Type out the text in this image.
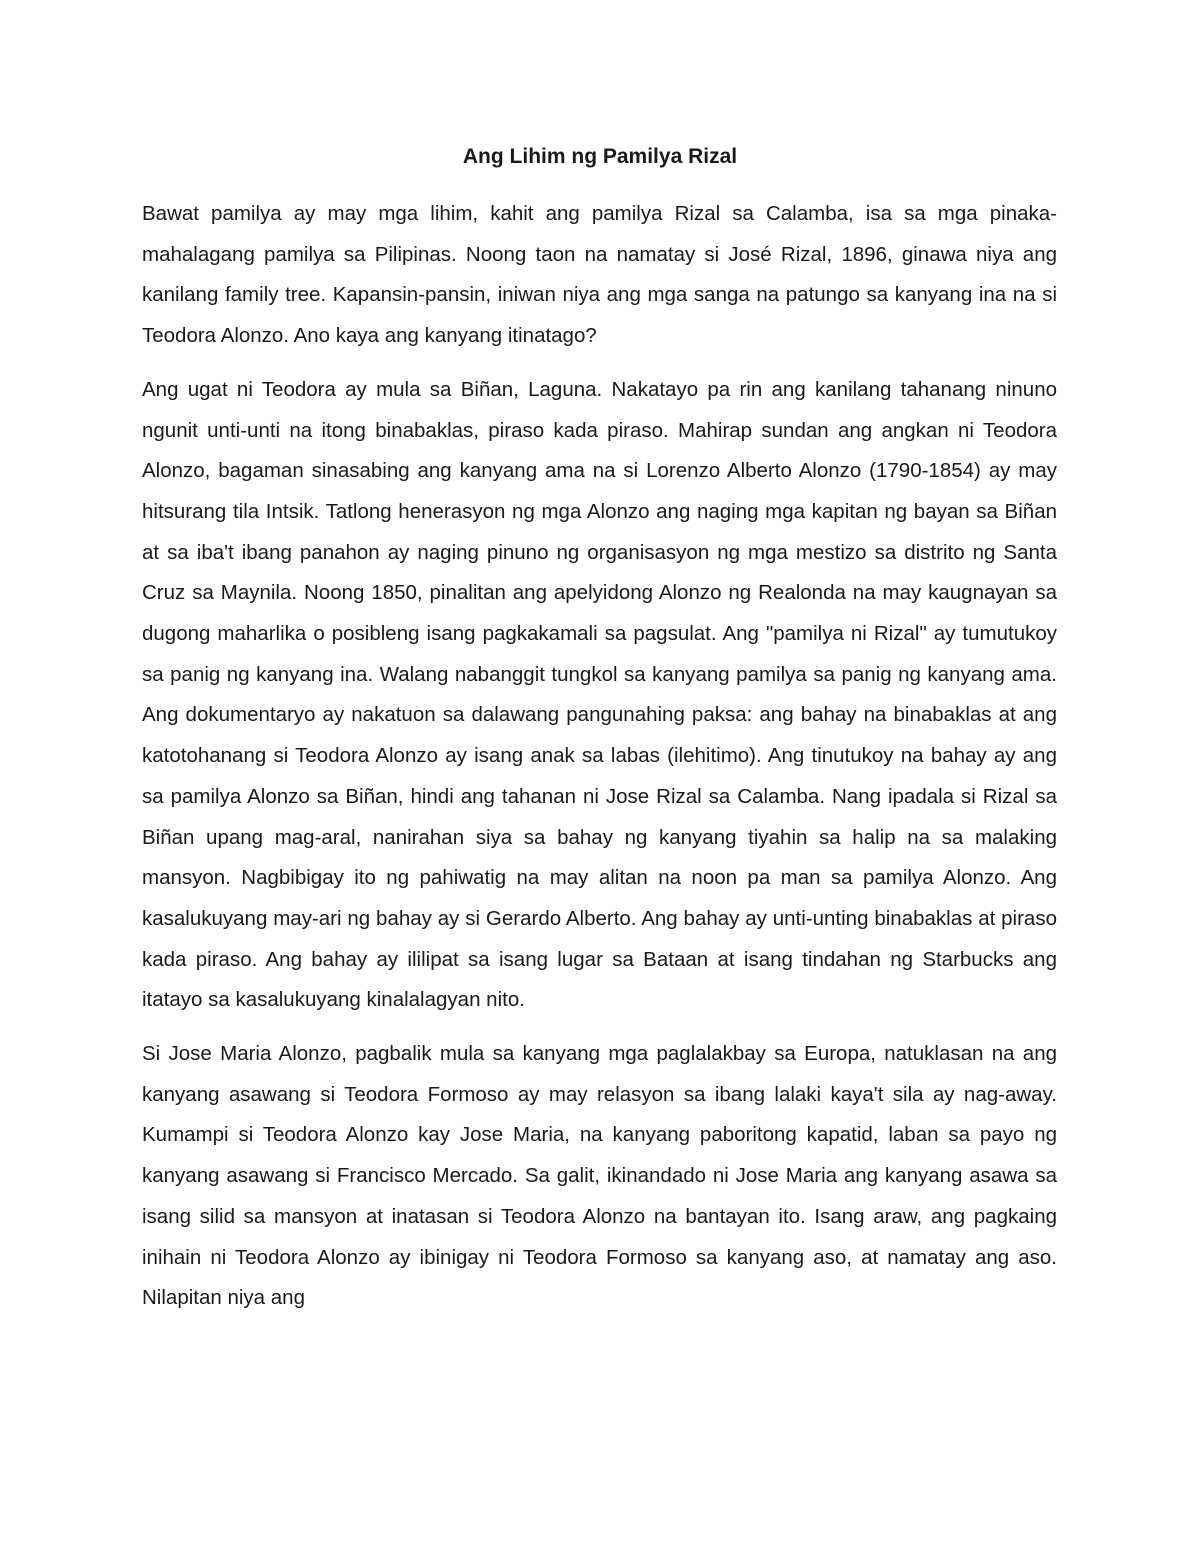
Ang Lihim ng Pamilya Rizal

Bawat pamilya ay may mga lihim, kahit ang pamilya Rizal sa Calamba, isa sa mga pinaka-mahalagang pamilya sa Pilipinas. Noong taon na namatay si José Rizal, 1896, ginawa niya ang kanilang family tree. Kapansin-pansin, iniwan niya ang mga sanga na patungo sa kanyang ina na si Teodora Alonzo. Ano kaya ang kanyang itinatago?

Ang ugat ni Teodora ay mula sa Biñan, Laguna. Nakatayo pa rin ang kanilang tahanang ninuno ngunit unti-unti na itong binabaklas, piraso kada piraso. Mahirap sundan ang angkan ni Teodora Alonzo, bagaman sinasabing ang kanyang ama na si Lorenzo Alberto Alonzo (1790-1854) ay may hitsurang tila Intsik. Tatlong henerasyon ng mga Alonzo ang naging mga kapitan ng bayan sa Biñan at sa iba't ibang panahon ay naging pinuno ng organisasyon ng mga mestizo sa distrito ng Santa Cruz sa Maynila. Noong 1850, pinalitan ang apelyidong Alonzo ng Realonda na may kaugnayan sa dugong maharlika o posibleng isang pagkakamali sa pagsulat. Ang "pamilya ni Rizal" ay tumutukoy sa panig ng kanyang ina. Walang nabanggit tungkol sa kanyang pamilya sa panig ng kanyang ama. Ang dokumentaryo ay nakatuon sa dalawang pangunahing paksa: ang bahay na binabaklas at ang katotohanang si Teodora Alonzo ay isang anak sa labas (ilehitimo). Ang tinutukoy na bahay ay ang sa pamilya Alonzo sa Biñan, hindi ang tahanan ni Jose Rizal sa Calamba. Nang ipadala si Rizal sa Biñan upang mag-aral, nanirahan siya sa bahay ng kanyang tiyahin sa halip na sa malaking mansyon. Nagbibigay ito ng pahiwatig na may alitan na noon pa man sa pamilya Alonzo. Ang kasalukuyang may-ari ng bahay ay si Gerardo Alberto. Ang bahay ay unti-unting binabaklas at piraso kada piraso. Ang bahay ay ililipat sa isang lugar sa Bataan at isang tindahan ng Starbucks ang itatayo sa kasalukuyang kinalalagyan nito.

Si Jose Maria Alonzo, pagbalik mula sa kanyang mga paglalakbay sa Europa, natuklasan na ang kanyang asawang si Teodora Formoso ay may relasyon sa ibang lalaki kaya't sila ay nag-away. Kumampi si Teodora Alonzo kay Jose Maria, na kanyang paboritong kapatid, laban sa payo ng kanyang asawang si Francisco Mercado. Sa galit, ikinandado ni Jose Maria ang kanyang asawa sa isang silid sa mansyon at inatasan si Teodora Alonzo na bantayan ito. Isang araw, ang pagkaing inihain ni Teodora Alonzo ay ibinigay ni Teodora Formoso sa kanyang aso, at namatay ang aso. Nilapitan niya ang
